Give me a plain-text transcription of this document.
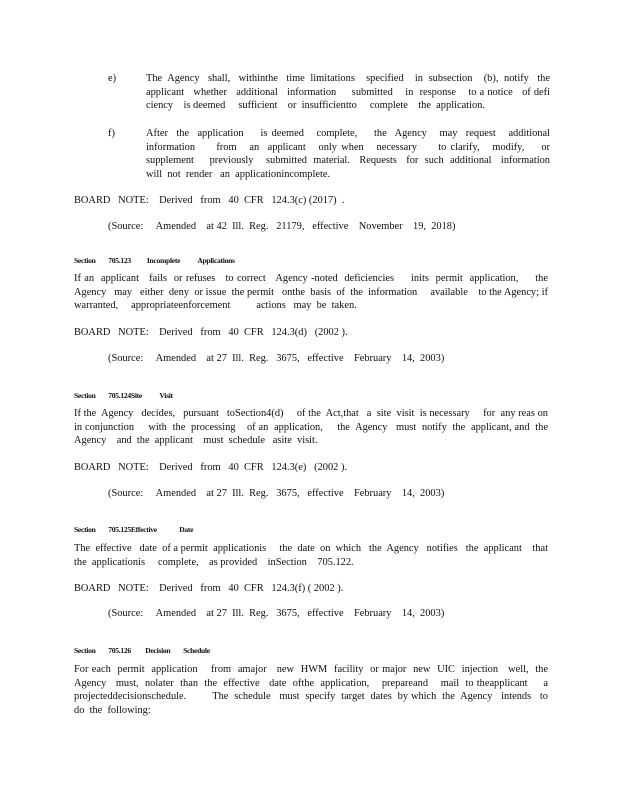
e)	The  Agency   shall,   withinthe   time  limitations    specified    in  subsection    (b),  notify   the applicant   whether   additional   information     submitted    in  response    to a notice   of defi ciency    is deemed     sufficient    or  insufficientto     complete    the  application.

f)	After  the  application    is deemed   complete,    the  Agency   may  request   additional information     from   an  applicant   only when   necessary     to clarify,   modify,    or supplement     previously    submitted  material.   Requests   for  such  additional   information will  not  render   an  applicationincomplete.

BOARD   NOTE:    Derived   from   40  CFR   124.3(c) (2017)  .

(Source:     Amended    at 42  Ill.  Reg.   21179,   effective    November    19,  2018)

Section        705.123          Incomplete           Applications

If an  applicant   fails  or refuses   to correct   Agency -noted  deficiencies     inits  permit  application,     the Agency   may   either  deny  or issue  the permit   onthe  basis  of  the  information     available    to the Agency; if warranted,     appropriateenforcement          actions   may  be  taken.

BOARD   NOTE:    Derived   from   40  CFR   124.3(d)   (2002 ).

(Source:     Amended    at 27  Ill.  Reg.   3675,   effective    February    14,  2003)

Section        705.124Site           Visit

If the  Agency   decides,   pursuant   toSection4(d)     of the  Act,that   a  site  visit  is necessary     for  any reas on  in conjunction     with  the  processing    of an  application,     the  Agency   must  notify  the  applicant, and  the  Agency    and  the  applicant    must  schedule   asite  visit.

BOARD   NOTE:    Derived   from   40  CFR   124.3(e)   (2002 ).

(Source:     Amended    at 27  Ill.  Reg.   3675,   effective    February    14,  2003)

Section        705.125Effective              Date

The  effective   date  of a permit  applicationis     the  date  on  which   the  Agency   notifies   the  applicant    that the  applicationis     complete,    as provided    inSection    705.122.

BOARD   NOTE:    Derived   from   40  CFR   124.3(f) ( 2002 ).

(Source:     Amended    at 27  Ill.  Reg.   3675,   effective    February    14,  2003)

Section        705.126         Decision        Schedule

For each  permit  application    from  amajor   new  HWM  facility  or major  new  UIC  injection   well,  the Agency   must,  nolater  than  the  effective   date  ofthe  application,    prepareand    mail  to theapplicant     a projecteddecisionschedule.         The  schedule   must  specify  target  dates  by which  the  Agency   intends   to do  the  following:
